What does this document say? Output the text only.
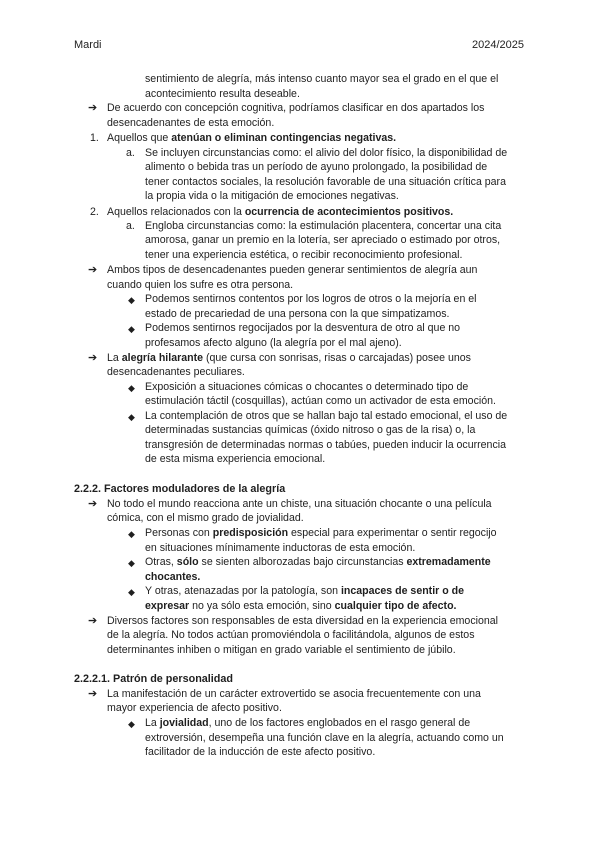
Mardi	2024/2025
sentimiento de alegría, más intenso cuanto mayor sea el grado en el que el
acontecimiento resulta deseable.
➔ De acuerdo con concepción cognitiva, podríamos clasificar en dos apartados los
desencadenantes de esta emoción.
1. Aquellos que atenúan o eliminan contingencias negativas.
a. Se incluyen circunstancias como: el alivio del dolor físico, la disponibilidad de
alimento o bebida tras un período de ayuno prolongado, la posibilidad de
tener contactos sociales, la resolución favorable de una situación crítica para
la propia vida o la mitigación de emociones negativas.
2. Aquellos relacionados con la ocurrencia de acontecimientos positivos.
a. Engloba circunstancias como: la estimulación placentera, concertar una cita
amorosa, ganar un premio en la lotería, ser apreciado o estimado por otros,
tener una experiencia estética, o recibir reconocimiento profesional.
➔ Ambos tipos de desencadenantes pueden generar sentimientos de alegría aun
cuando quien los sufre es otra persona.
◆ Podemos sentirnos contentos por los logros de otros o la mejoría en el
estado de precariedad de una persona con la que simpatizamos.
◆ Podemos sentirnos regocijados por la desventura de otro al que no
profesamos afecto alguno (la alegría por el mal ajeno).
➔ La alegría hilarante (que cursa con sonrisas, risas o carcajadas) posee unos
desencadenantes peculiares.
◆ Exposición a situaciones cómicas o chocantes o determinado tipo de
estimulación táctil (cosquillas), actúan como un activador de esta emoción.
◆ La contemplación de otros que se hallan bajo tal estado emocional, el uso de
determinadas sustancias químicas (óxido nitroso o gas de la risa) o, la
transgresión de determinadas normas o tabúes, pueden inducir la ocurrencia
de esta misma experiencia emocional.
2.2.2. Factores moduladores de la alegría
➔ No todo el mundo reacciona ante un chiste, una situación chocante o una película
cómica, con el mismo grado de jovialidad.
◆ Personas con predisposición especial para experimentar o sentir regocijo
en situaciones mínimamente inductoras de esta emoción.
◆ Otras, sólo se sienten alborozadas bajo circunstancias extremadamente
chocantes.
◆ Y otras, atenazadas por la patología, son incapaces de sentir o de
expresar no ya sólo esta emoción, sino cualquier tipo de afecto.
➔ Diversos factores son responsables de esta diversidad en la experiencia emocional
de la alegría. No todos actúan promoviéndola o facilitándola, algunos de estos
determinantes inhiben o mitigan en grado variable el sentimiento de júbilo.
2.2.2.1. Patrón de personalidad
➔ La manifestación de un carácter extrovertido se asocia frecuentemente con una
mayor experiencia de afecto positivo.
◆ La jovialidad, uno de los factores englobados en el rasgo general de
extroversión, desempeña una función clave en la alegría, actuando como un
facilitador de la inducción de este afecto positivo.
